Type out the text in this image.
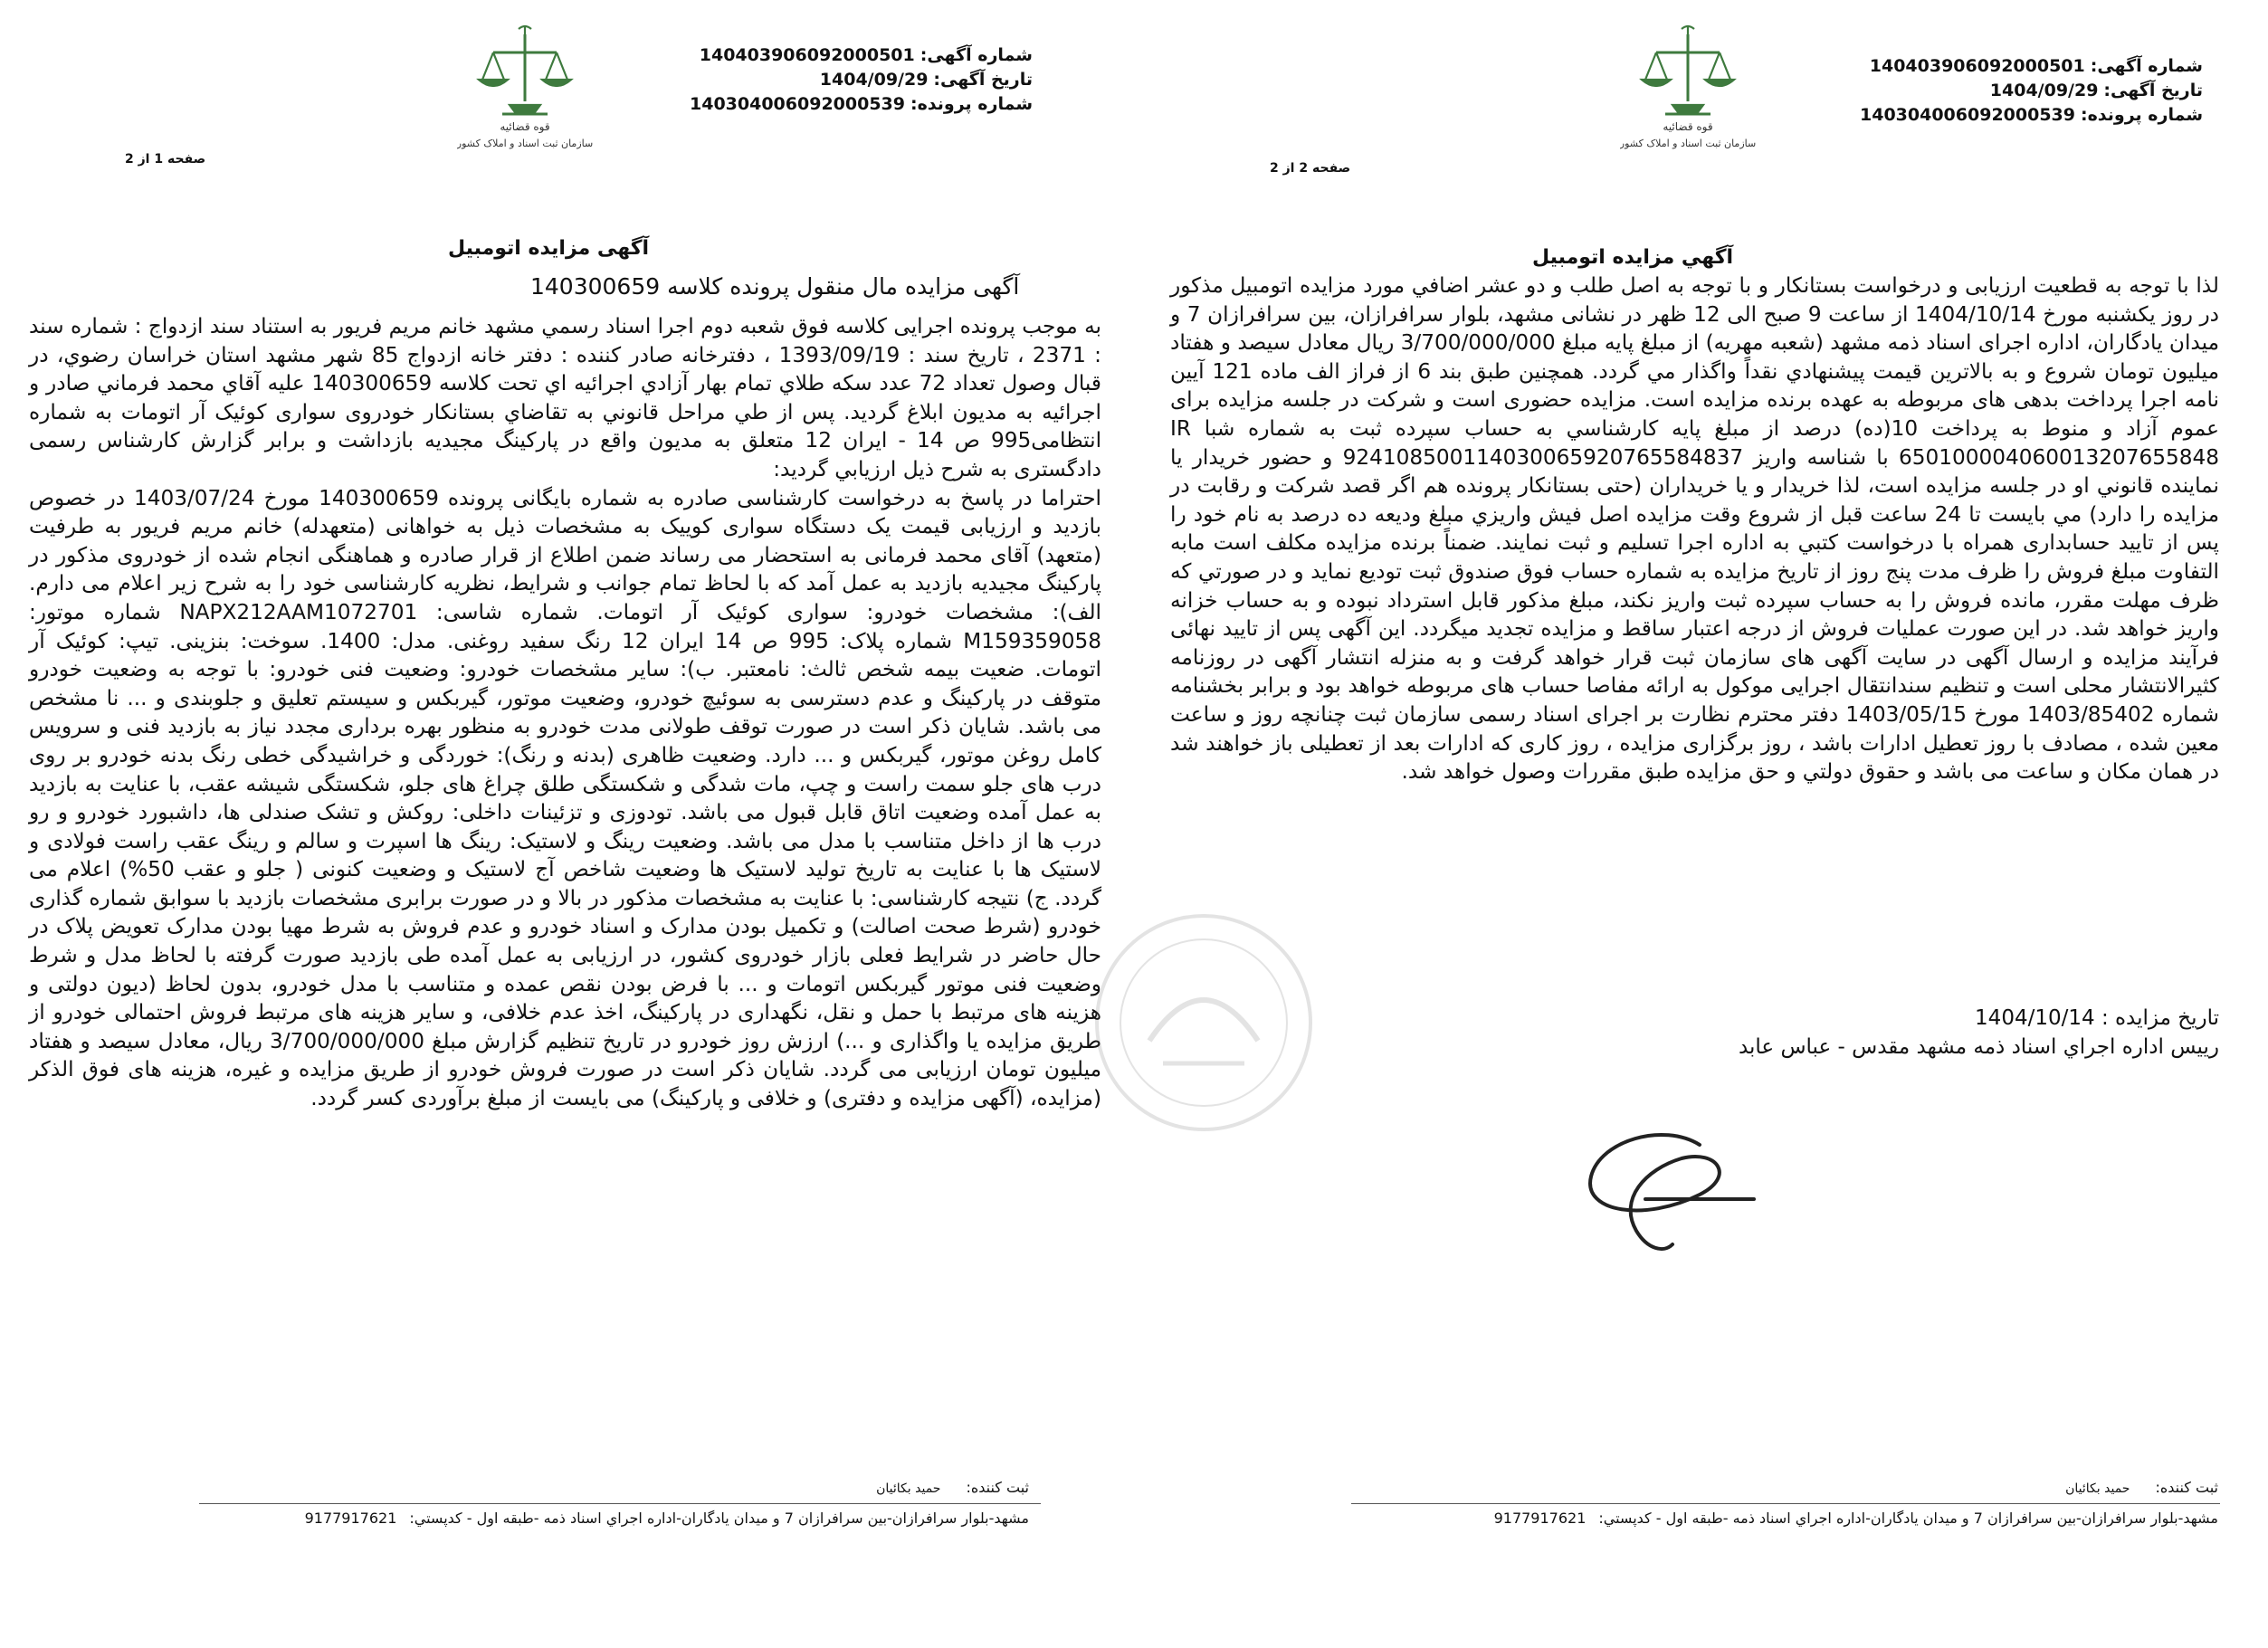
شماره آگهی:140403906092000501
تاریخ آگهی:1404/09/29
شماره پرونده:140304006092000539
قوه قضائیه
سازمان ثبت اسناد و املاک کشور
صفحه 1 از 2
آگهی مزایده اتومبیل
آگهی مزایده مال منقول پرونده کلاسه 140300659

به موجب پرونده اجرایی کلاسه فوق شعبه دوم اجرا اسناد رسمي مشهد خانم مریم فریور به استناد سند ازدواج : شماره سند : 2371 ، تاریخ سند : 1393/09/19 ، دفترخانه صادر کننده : دفتر خانه ازدواج 85 شهر مشهد استان خراسان رضوي، در قبال وصول تعداد 72 عدد سکه طلاي تمام بهار آزادي اجرائیه اي تحت کلاسه 140300659 علیه آقاي محمد فرماني صادر و اجرائیه به مدیون ابلاغ گردید. پس از طي مراحل قانوني به تقاضاي بستانکار خودروی سواری کوئیک آر اتومات به شماره انتظامی995 ص 14 - ایران 12 متعلق به مدیون واقع در پارکینگ مجیدیه بازداشت و برابر گزارش کارشناس رسمی دادگستری به شرح ذیل ارزیابي گردید:

احتراما در پاسخ به درخواست کارشناسی صادره به شماره بایگانی پرونده 140300659 مورخ 1403/07/24 در خصوص بازدید و ارزیابی قیمت یک دستگاه سواری کوییک به مشخصات ذیل به خواهانی (متعهدله) خانم مریم فریور به طرفیت (متعهد) آقای محمد فرمانی به استحضار می رساند ضمن اطلاع از قرار صادره و هماهنگی انجام شده از خودروی مذکور در پارکینگ مجیدیه بازدید به عمل آمد که با لحاظ تمام جوانب و شرایط، نظریه کارشناسی خود را به شرح زیر اعلام می دارم. الف): مشخصات خودرو: سواری کوئیک آر اتومات. شماره شاسی: NAPX212AAM1072701 شماره موتور: M159359058 شماره پلاک: 995 ص 14 ایران 12 رنگ سفید روغنی. مدل: 1400. سوخت: بنزینی. تیپ: کوئیک آر اتومات. ضعیت بیمه شخص ثالث: نامعتبر. ب): سایر مشخصات خودرو: وضعیت فنی خودرو: با توجه به وضعیت خودرو متوقف در پارکینگ و عدم دسترسی به سوئیچ خودرو، وضعیت موتور، گیربکس و سیستم تعلیق و جلوبندی و ... نا مشخص می باشد. شایان ذکر است در صورت توقف طولانی مدت خودرو به منظور بهره برداری مجدد نیاز به بازدید فنی و سرویس کامل روغن موتور، گیربکس و ... دارد. وضعیت ظاهری (بدنه و رنگ): خوردگی و خراشیدگی خطی رنگ بدنه خودرو بر روی درب های جلو سمت راست و چپ، مات شدگی و شکستگی طلق چراغ های جلو، شکستگی شیشه عقب، با عنایت به بازدید به عمل آمده وضعیت اتاق قابل قبول می باشد. تودوزی و تزئینات داخلی: روکش و تشک صندلی ها، داشبورد خودرو و رو درب ها از داخل متناسب با مدل می باشد. وضعیت رینگ و لاستیک: رینگ ها اسپرت و سالم و رینگ عقب راست فولادی و لاستیک ها با عنایت به تاریخ تولید لاستیک ها وضعیت شاخص آج لاستیک و وضعیت کنونی ( جلو و عقب 50%) اعلام می گردد. ج) نتیجه کارشناسی: با عنایت به مشخصات مذکور در بالا و در صورت برابری مشخصات بازدید با سوابق شماره گذاری خودرو (شرط صحت اصالت) و تکمیل بودن مدارک و اسناد خودرو و عدم فروش به شرط مهیا بودن مدارک تعویض پلاک در حال حاضر در شرایط فعلی بازار خودروی کشور، در ارزیابی به عمل آمده طی بازدید صورت گرفته با لحاظ مدل و شرط وضعیت فنی موتور گیربکس اتومات و ... با فرض بودن نقص عمده و متناسب با مدل خودرو، بدون لحاظ (دیون دولتی و هزینه های مرتبط با حمل و نقل، نگهداری در پارکینگ، اخذ عدم خلافی، و سایر هزینه های مرتبط فروش احتمالی خودرو از طریق مزایده یا واگذاری و ...) ارزش روز خودرو در تاریخ تنظیم گزارش مبلغ 3/700/000/000 ریال، معادل سیصد و هفتاد میلیون تومان ارزیابی می گردد. شایان ذکر است در صورت فروش خودرو از طریق مزایده و غیره، هزینه های فوق الذکر (مزایده، (آگهی مزایده و دفتری) و خلافی و پارکینگ) می بایست از مبلغ برآوردی کسر گردد.

ثبت کننده:حمید بکائیان
مشهد-بلوار سرافرازان-بين سرافرازان 7 و ميدان يادگاران-اداره اجراي اسناد ذمه -طبقه اول - كدپستي:9177917621
شماره آگهی:140403906092000501
تاریخ آگهی:1404/09/29
شماره پرونده:140304006092000539
قوه قضائیه
سازمان ثبت اسناد و املاک کشور
صفحه 2 از 2
آگهي مزایده اتومبیل

لذا با توجه به قطعیت ارزیابی و درخواست بستانکار و با توجه به اصل طلب و دو عشر اضافي مورد مزایده اتومبیل مذکور در روز یکشنبه مورخ 1404/10/14 از ساعت 9 صبح الی 12 ظهر در نشانی مشهد، بلوار سرافرازان، بین سرافرازان 7 و میدان یادگاران، اداره اجرای اسناد ذمه مشهد (شعبه مهریه) از مبلغ پایه مبلغ 3/700/000/000 ریال معادل سیصد و هفتاد میلیون تومان شروع و به بالاترین قیمت پیشنهادي نقداً واگذار مي گردد. همچنین طبق بند 6 از فراز الف ماده 121 آیین نامه اجرا پرداخت بدهی های مربوطه به عهده برنده مزایده است. مزایده حضوری است و شرکت در جلسه مزایده برای عموم آزاد و منوط به پرداخت 10(ده) درصد از مبلغ پایه کارشناسي به حساب سپرده ثبت به شماره شبا IR 650100004060013207655848 با شناسه واریز 924108500114030065920765584837 و حضور خریدار یا نماینده قانوني او در جلسه مزایده است، لذا خریدار و یا خریداران (حتی بستانکار پرونده هم اگر قصد شرکت و رقابت در مزایده را دارد) مي بایست تا 24 ساعت قبل از شروع وقت مزایده اصل فیش واریزي مبلغ ودیعه ده درصد به نام خود را پس از تایید حسابداری همراه با درخواست کتبي به اداره اجرا تسلیم و ثبت نمایند. ضمناً برنده مزایده مکلف است مابه التفاوت مبلغ فروش را ظرف مدت پنج روز از تاریخ مزایده به شماره حساب فوق صندوق ثبت تودیع نماید و در صورتي که ظرف مهلت مقرر، مانده فروش را به حساب سپرده ثبت واریز نکند، مبلغ مذکور قابل استرداد نبوده و به حساب خزانه واریز خواهد شد. در این صورت عملیات فروش از درجه اعتبار ساقط و مزایده تجدید میگردد. این آگهی پس از تایید نهائی فرآیند مزایده و ارسال آگهی در سایت آگهی های سازمان ثبت قرار خواهد گرفت و به منزله انتشار آگهی در روزنامه کثیرالانتشار محلی است و تنظیم سندانتقال اجرایی موکول به ارائه مفاصا حساب های مربوطه خواهد بود و برابر بخشنامه شماره 1403/85402 مورخ 1403/05/15 دفتر محترم نظارت بر اجرای اسناد رسمی سازمان ثبت چنانچه روز و ساعت معین شده ، مصادف با روز تعطیل ادارات باشد ، روز برگزاری مزایده ، روز کاری که ادارات بعد از تعطیلی باز خواهند شد در همان مکان و ساعت می باشد و حقوق دولتي و حق مزایده طبق مقررات وصول خواهد شد.

تاریخ مزایده : 1404/10/14
رییس اداره اجراي اسناد ذمه مشهد مقدس - عباس عابد
ثبت کننده:حمید بکائیان
مشهد-بلوار سرافرازان-بين سرافرازان 7 و ميدان يادگاران-اداره اجراي اسناد ذمه -طبقه اول - كدپستي:9177917621
